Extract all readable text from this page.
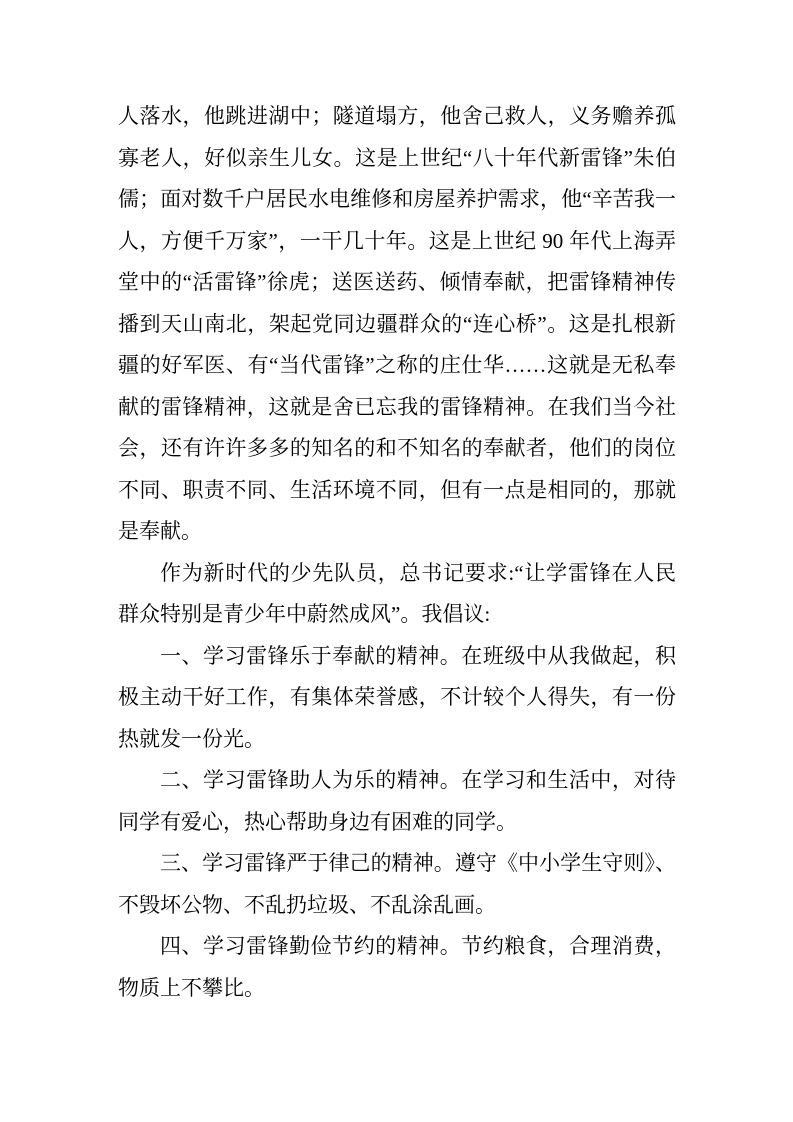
人落水，他跳进湖中；隧道塌方，他舍己救人，义务赡养孤
寡老人，好似亲生儿女。这是上世纪“八十年代新雷锋”朱伯
儒；面对数千户居民水电维修和房屋养护需求，他“辛苦我一
人，方便千万家”，一干几十年。这是上世纪 90 年代上海弄
堂中的“活雷锋”徐虎；送医送药、倾情奉献，把雷锋精神传
播到天山南北，架起党同边疆群众的“连心桥”。这是扎根新
疆的好军医、有“当代雷锋”之称的庄仕华……这就是无私奉
献的雷锋精神，这就是舍已忘我的雷锋精神。在我们当今社
会，还有许许多多的知名的和不知名的奉献者，他们的岗位
不同、职责不同、生活环境不同，但有一点是相同的，那就
是奉献。

作为新时代的少先队员，总书记要求:“让学雷锋在人民
群众特别是青少年中蔚然成风”。我倡议:

一、学习雷锋乐于奉献的精神。在班级中从我做起，积
极主动干好工作，有集体荣誉感，不计较个人得失，有一份
热就发一份光。

二、学习雷锋助人为乐的精神。在学习和生活中，对待
同学有爱心，热心帮助身边有困难的同学。

三、学习雷锋严于律己的精神。遵守《中小学生守则》、
不毁坏公物、不乱扔垃圾、不乱涂乱画。

四、学习雷锋勤俭节约的精神。节约粮食，合理消费，
物质上不攀比。
